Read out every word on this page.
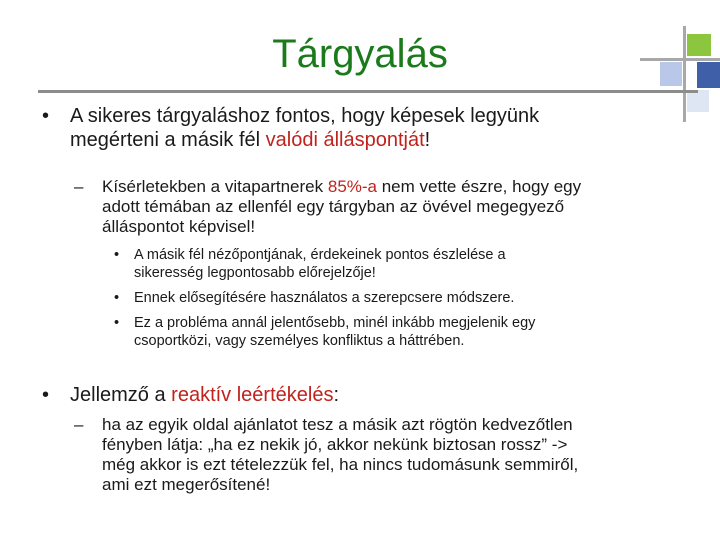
Tárgyalás
• A sikeres tárgyaláshoz fontos, hogy képesek legyünk
megérteni a másik fél valódi álláspontját!
– Kísérletekben a vitapartnerek 85%-a nem vette észre, hogy egy
adott témában az ellenfél egy tárgyban az övével megegyező
álláspontot képvisel!
• A másik fél nézőpontjának, érdekeinek pontos észlelése a
sikeresség legpontosabb előrejelzője!
• Ennek elősegítésére használatos a szerepcsere módszere.
• Ez a probléma annál jelentősebb, minél inkább megjelenik egy
csoportközi, vagy személyes konfliktus a háttrében.
• Jellemző a reaktív leértékelés:
– ha az egyik oldal ajánlatot tesz a másik azt rögtön kedvezőtlen
fényben látja: „ha ez nekik jó, akkor nekünk biztosan rossz” ->
még akkor is ezt tételezzük fel, ha nincs tudomásunk semmiről,
ami ezt megerősítené!
